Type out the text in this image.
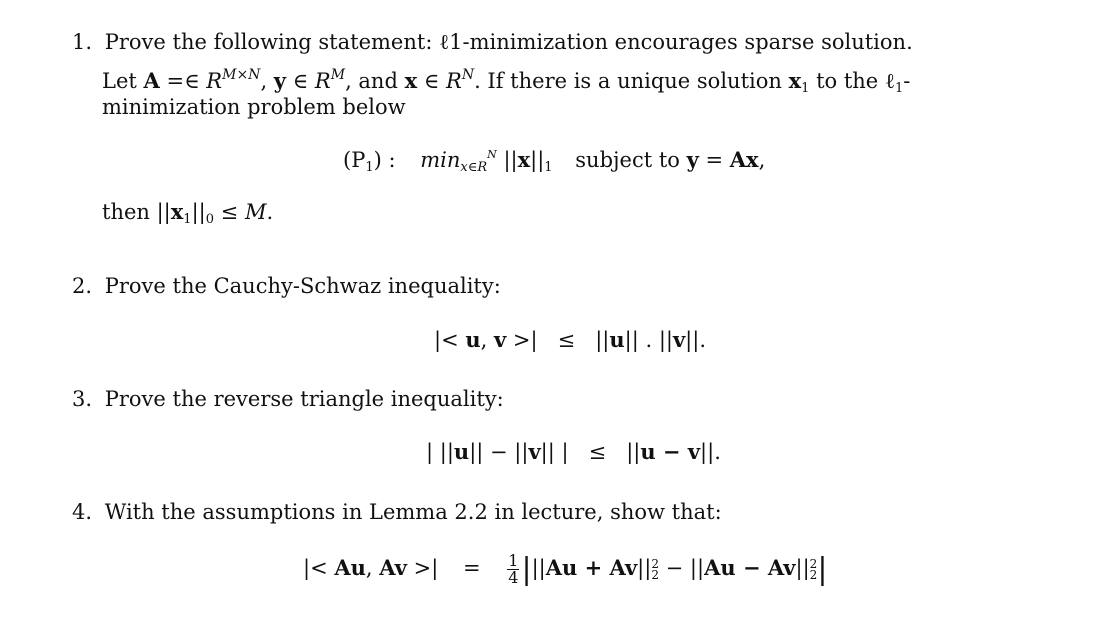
1. Prove the following statement: ℓ1-minimization encourages sparse solution.
Let A =∈ $R^{M\times N}$, y ∈ $R^M$, and x ∈ $R^N$. If there is a unique solution $x_1$ to the ℓ$_1$-
minimization problem below
$(P_1)$ : $\min_{x\in R}^N ||x||_1$ subject to y = Ax,
then $||x_1||_0 \le M$.
2. Prove the Cauchy-Schwaz inequality:
|< u, v >|   ≤   ||u|| . ||v||.
3. Prove the reverse triangle inequality:
| ||u|| − ||v|| |   ≤   ||u − v||.
4. With the assumptions in Lemma 2.2 in lecture, show that:
|< Au, Av >| = $\frac{1}{4} |||Au + Av||$ 2
2 − ||Au − Av|| 2
2 |
